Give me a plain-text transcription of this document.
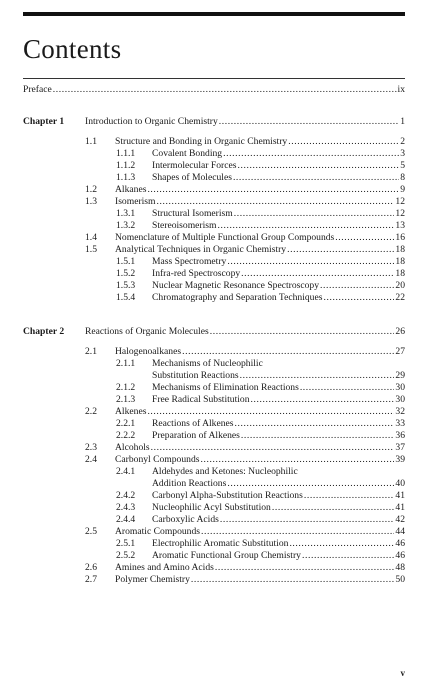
Contents
Preface .....	ix
Chapter 1	Introduction to Organic Chemistry .....	1
1.1	Structure and Bonding in Organic Chemistry .....	2
1.1.1	Covalent Bonding .....	3
1.1.2	Intermolecular Forces .....	5
1.1.3	Shapes of Molecules .....	8
1.2	Alkanes .....	9
1.3	Isomerism .....	12
1.3.1	Structural Isomerism .....	12
1.3.2	Stereoisomerism .....	13
1.4	Nomenclature of Multiple Functional Group Compounds .....	16
1.5	Analytical Techniques in Organic Chemistry .....	18
1.5.1	Mass Spectrometry .....	18
1.5.2	Infra-red Spectroscopy .....	18
1.5.3	Nuclear Magnetic Resonance Spectroscopy .....	20
1.5.4	Chromatography and Separation Techniques .....	22
Chapter 2	Reactions of Organic Molecules .....	26
2.1	Halogenoalkanes .....	27
2.1.1	Mechanisms of Nucleophilic
Substitution Reactions .....	29
2.1.2	Mechanisms of Elimination Reactions .....	30
2.1.3	Free Radical Substitution .....	30
2.2	Alkenes .....	32
2.2.1	Reactions of Alkenes .....	33
2.2.2	Preparation of Alkenes .....	36
2.3	Alcohols .....	37
2.4	Carbonyl Compounds .....	39
2.4.1	Aldehydes and Ketones: Nucleophilic
Addition Reactions .....	40
2.4.2	Carbonyl Alpha-Substitution Reactions .....	41
2.4.3	Nucleophilic Acyl Substitution .....	41
2.4.4	Carboxylic Acids .....	42
2.5	Aromatic Compounds .....	44
2.5.1	Electrophilic Aromatic Substitution .....	46
2.5.2	Aromatic Functional Group Chemistry .....	46
2.6	Amines and Amino Acids .....	48
2.7	Polymer Chemistry .....	50
v
